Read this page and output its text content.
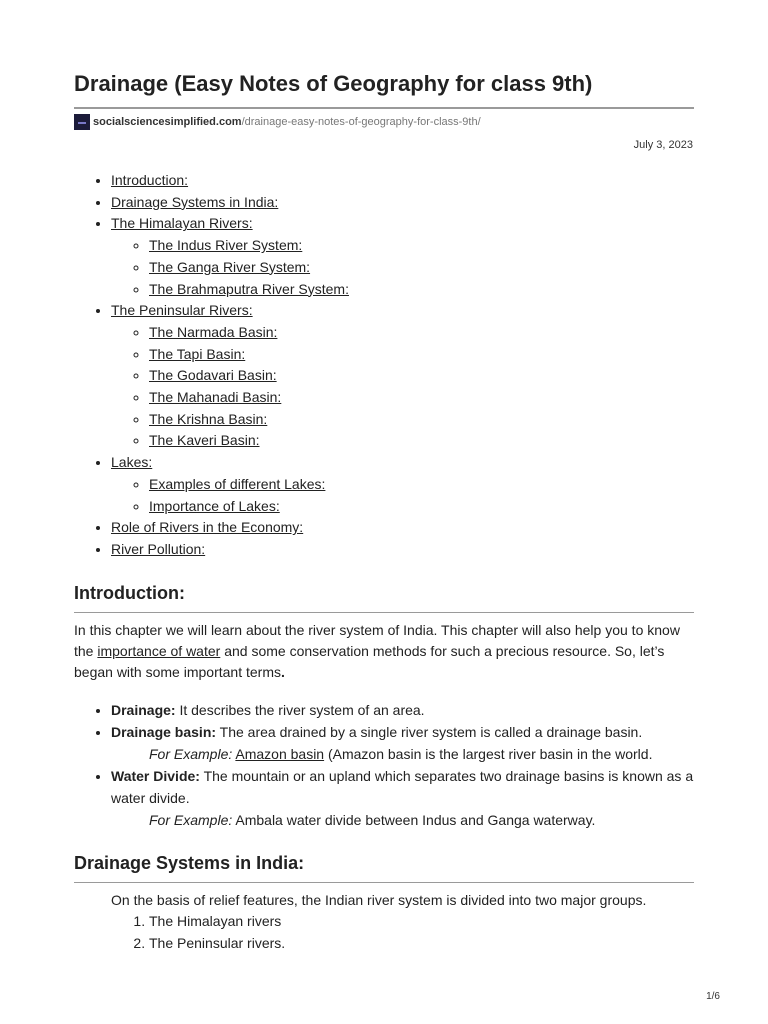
Drainage (Easy Notes of Geography for class 9th)
socialsciencesimplified.com /drainage-easy-notes-of-geography-for-class-9th/
July 3, 2023
• Introduction:
• Drainage Systems in India:
• The Himalayan Rivers:
◦ The Indus River System:
◦ The Ganga River System:
◦ The Brahmaputra River System:
• The Peninsular Rivers:
◦ The Narmada Basin:
◦ The Tapi Basin:
◦ The Godavari Basin:
◦ The Mahanadi Basin:
◦ The Krishna Basin:
◦ The Kaveri Basin:
• Lakes:
◦ Examples of different Lakes:
◦ Importance of Lakes:
• Role of Rivers in the Economy:
• River Pollution:
Introduction:

In this chapter we will learn about the river system of India. This chapter will also help you to know the importance of water and some conservation methods for such a precious resource. So, let’s began with some important terms.

• Drainage: It describes the river system of an area.
• Drainage basin: The area drained by a single river system is called a drainage basin.
For Example: Amazon basin (Amazon basin is the largest river basin in the world.
• Water Divide: The mountain or an upland which separates two drainage basins is known as a water divide.
For Example: Ambala water divide between Indus and Ganga waterway.
Drainage Systems in India:

On the basis of relief features, the Indian river system is divided into two major groups.

1. The Himalayan rivers
2. The Peninsular rivers.
1/6
